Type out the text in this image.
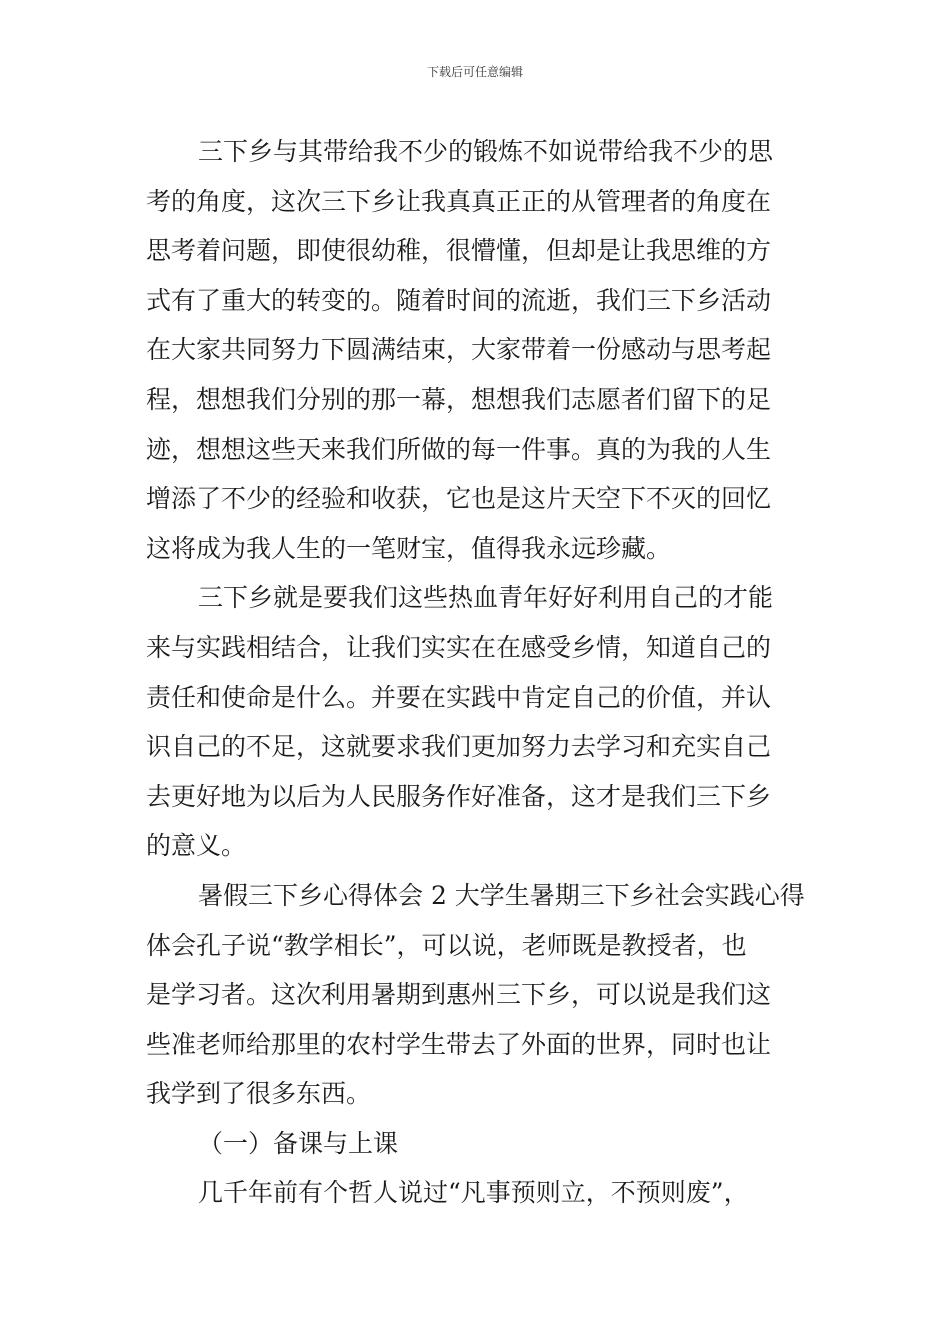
下载后可任意编辑
三下乡与其带给我不少的锻炼不如说带给我不少的思
考的角度，这次三下乡让我真真正正的从管理者的角度在
思考着问题，即使很幼稚，很懵懂，但却是让我思维的方
式有了重大的转变的。随着时间的流逝，我们三下乡活动
在大家共同努力下圆满结束，大家带着一份感动与思考起
程，想想我们分别的那一幕，想想我们志愿者们留下的足
迹，想想这些天来我们所做的每一件事。真的为我的人生
增添了不少的经验和收获，它也是这片天空下不灭的回忆
这将成为我人生的一笔财宝，值得我永远珍藏。
三下乡就是要我们这些热血青年好好利用自己的才能
来与实践相结合，让我们实实在在感受乡情，知道自己的
责任和使命是什么。并要在实践中肯定自己的价值，并认
识自己的不足，这就要求我们更加努力去学习和充实自己
去更好地为以后为人民服务作好准备，这才是我们三下乡
的意义。
暑假三下乡心得体会 2 大学生暑期三下乡社会实践心得
体会孔子说“教学相长”，可以说，老师既是教授者，也
是学习者。这次利用暑期到惠州三下乡，可以说是我们这
些准老师给那里的农村学生带去了外面的世界，同时也让
我学到了很多东西。
（一）备课与上课
几千年前有个哲人说过“凡事预则立，不预则废”，
